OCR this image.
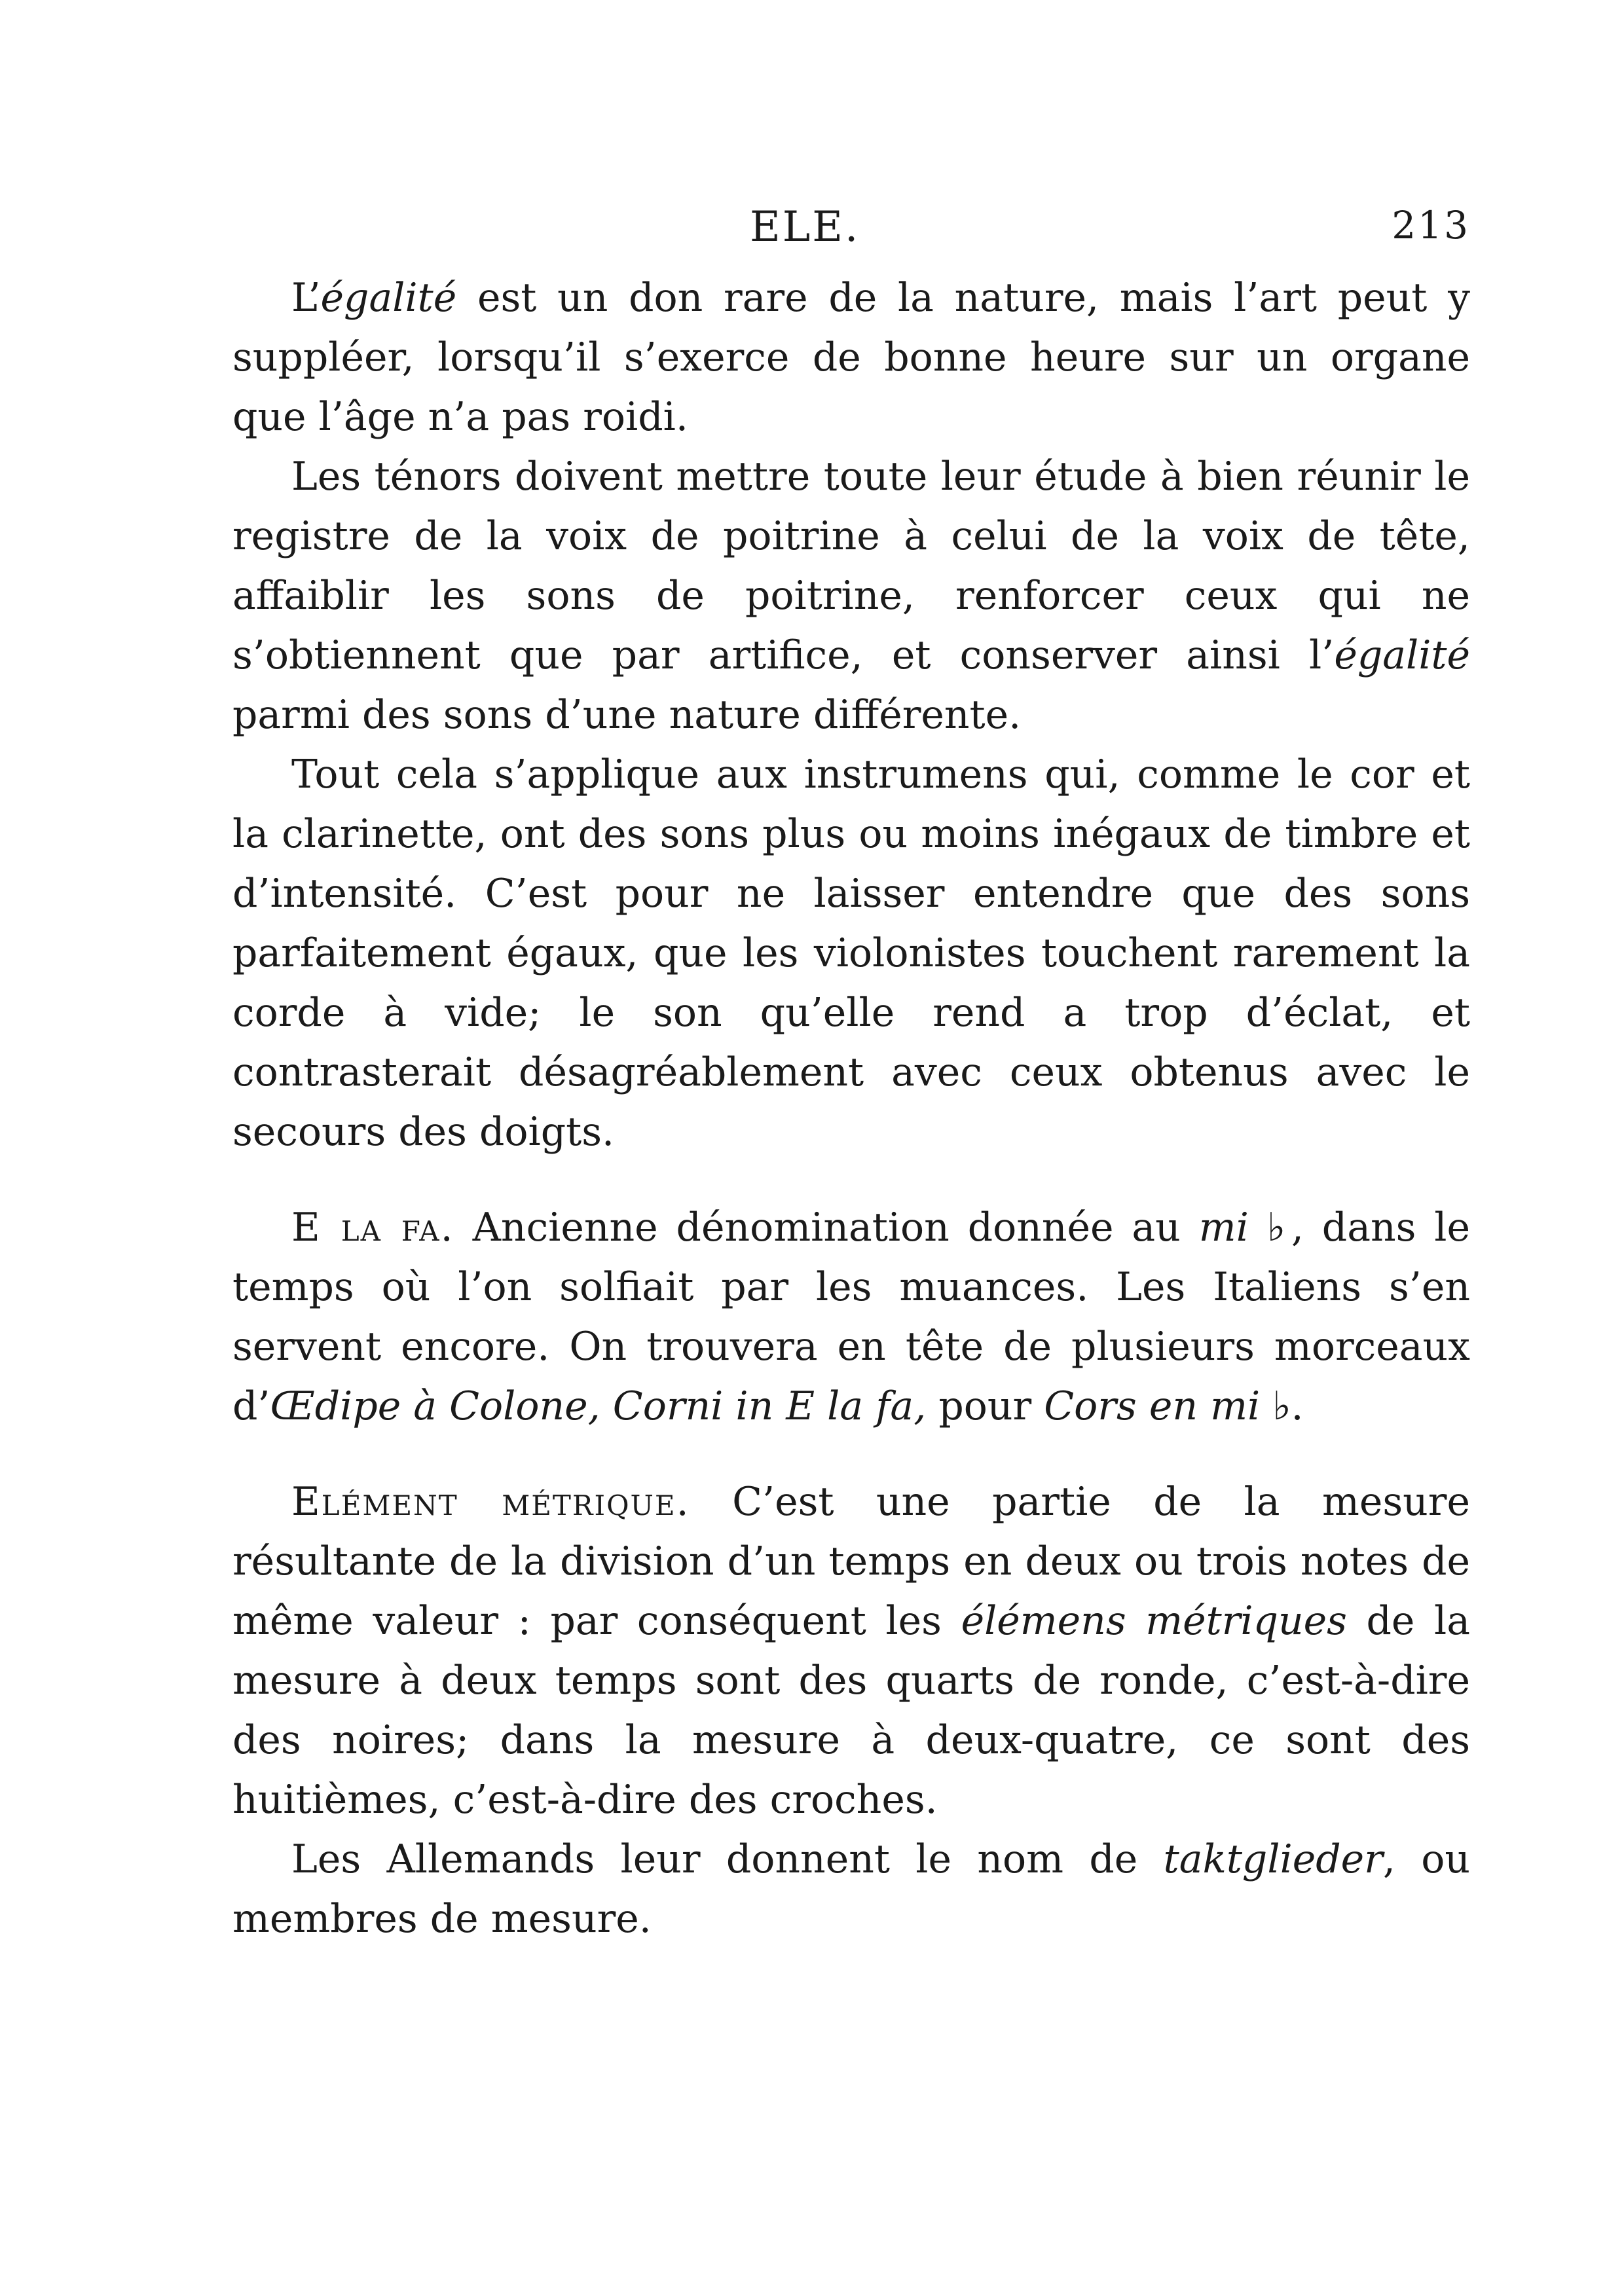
ELE.	213

L’égalité est un don rare de la nature, mais l’art peut y suppléer, lorsqu’il s’exerce de bonne heure sur un organe que l’âge n’a pas roidi.

Les ténors doivent mettre toute leur étude à bien réunir le registre de la voix de poitrine à celui de la voix de tête, affaiblir les sons de poitrine, renforcer ceux qui ne s’obtiennent que par artifice, et conserver ainsi l’égalité parmi des sons d’une nature différente.

Tout cela s’applique aux instrumens qui, comme le cor et la clarinette, ont des sons plus ou moins inégaux de timbre et d’intensité. C’est pour ne laisser entendre que des sons parfaitement égaux, que les violonistes touchent rarement la corde à vide; le son qu’elle rend a trop d’éclat, et contrasterait désagréablement avec ceux obtenus avec le secours des doigts.

E la fa. Ancienne dénomination donnée au mi ♭, dans le temps où l’on solfiait par les muances. Les Italiens s’en servent encore. On trouvera en tête de plusieurs morceaux d’Œdipe à Colone, Corni in E la fa, pour Cors en mi ♭.

Elément métrique. C’est une partie de la mesure résultante de la division d’un temps en deux ou trois notes de même valeur : par conséquent les élémens métriques de la mesure à deux temps sont des quarts de ronde, c’est-à-dire des noires; dans la mesure à deux-quatre, ce sont des huitièmes, c’est-à-dire des croches.

Les Allemands leur donnent le nom de taktglieder, ou membres de mesure.
